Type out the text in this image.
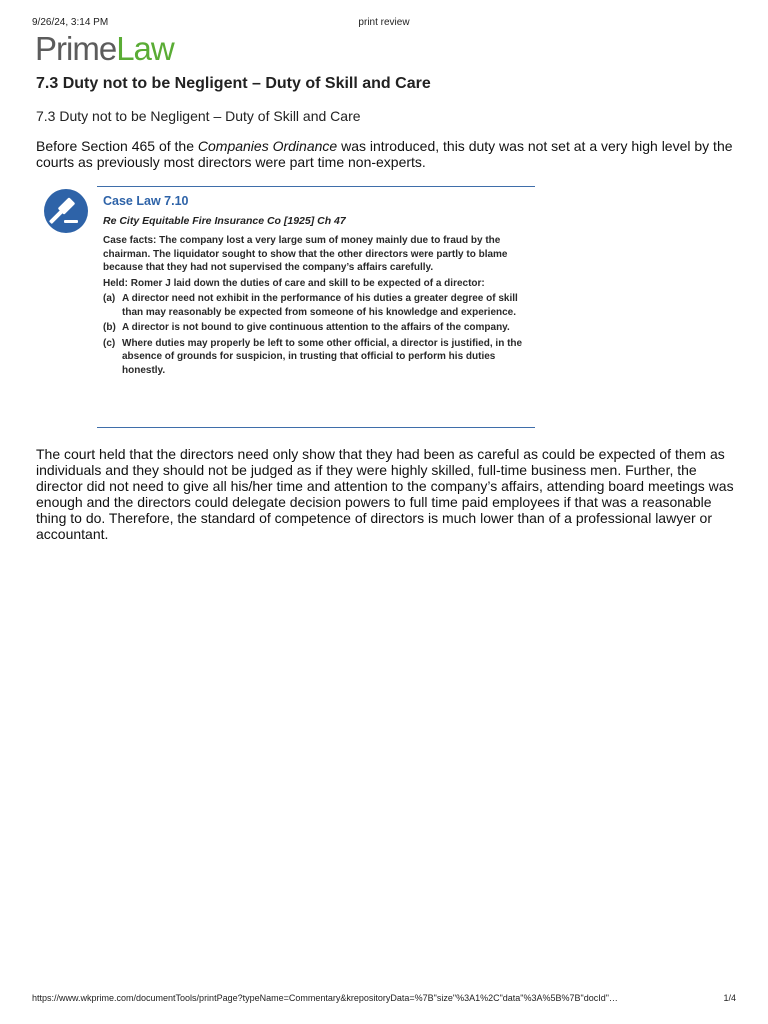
9/26/24, 3:14 PM	print review
PrimeLaw
7.3 Duty not to be Negligent – Duty of Skill and Care
7.3 Duty not to be Negligent – Duty of Skill and Care
Before Section 465 of the Companies Ordinance was introduced, this duty was not set at a very high level by the courts as previously most directors were part time non-experts.
Case Law 7.10
Re City Equitable Fire Insurance Co [1925] Ch 47
Case facts: The company lost a very large sum of money mainly due to fraud by the chairman. The liquidator sought to show that the other directors were partly to blame because that they had not supervised the company’s affairs carefully.
Held: Romer J laid down the duties of care and skill to be expected of a director:
(a) A director need not exhibit in the performance of his duties a greater degree of skill than may reasonably be expected from someone of his knowledge and experience.
(b) A director is not bound to give continuous attention to the affairs of the company.
(c) Where duties may properly be left to some other official, a director is justified, in the absence of grounds for suspicion, in trusting that official to perform his duties honestly.
The court held that the directors need only show that they had been as careful as could be expected of them as individuals and they should not be judged as if they were highly skilled, full-time business men. Further, the director did not need to give all his/her time and attention to the company’s affairs, attending board meetings was enough and the directors could delegate decision powers to full time paid employees if that was a reasonable thing to do. Therefore, the standard of competence of directors is much lower than of a professional lawyer or accountant.
https://www.wkprime.com/documentTools/printPage?typeName=Commentary&krepositoryData=%7B"size"%3A1%2C"data"%3A%5B%7B"docId"…	1/4
